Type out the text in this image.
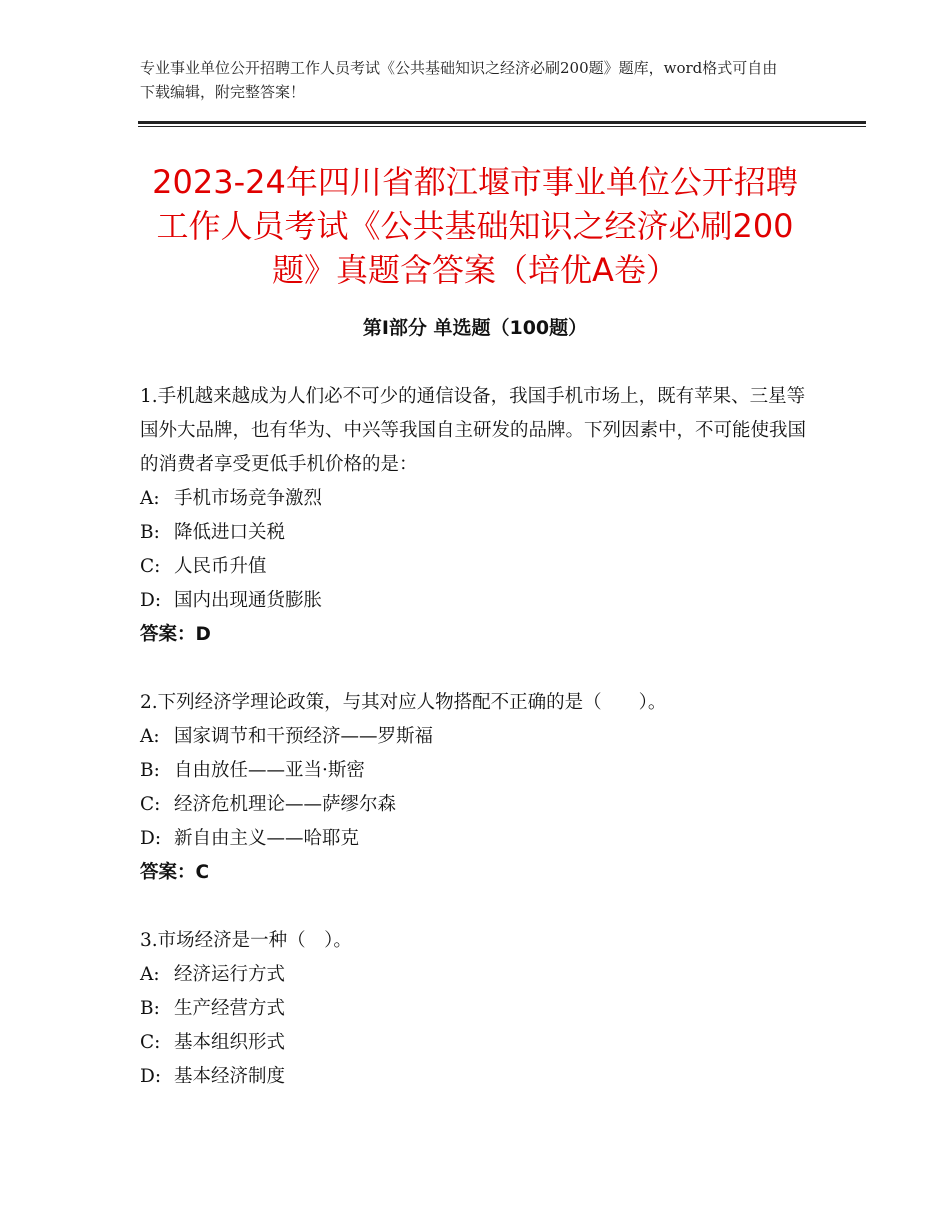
专业事业单位公开招聘工作人员考试《公共基础知识之经济必刷200题》题库，word格式可自由下载编辑，附完整答案！
2023-24年四川省都江堰市事业单位公开招聘工作人员考试《公共基础知识之经济必刷200题》真题含答案（培优A卷）
第Ⅰ部分 单选题（100题）

1.手机越来越成为人们必不可少的通信设备，我国手机市场上，既有苹果、三星等国外大品牌，也有华为、中兴等我国自主研发的品牌。下列因素中，不可能使我国的消费者享受更低手机价格的是：

A: 手机市场竞争激烈

B: 降低进口关税

C: 人民币升值

D: 国内出现通货膨胀

答案：D

2.下列经济学理论政策，与其对应人物搭配不正确的是（　　）。

A: 国家调节和干预经济——罗斯福

B: 自由放任——亚当·斯密

C: 经济危机理论——萨缪尔森

D: 新自由主义——哈耶克

答案：C

3.市场经济是一种（　）。

A: 经济运行方式

B: 生产经营方式

C: 基本组织形式

D: 基本经济制度
